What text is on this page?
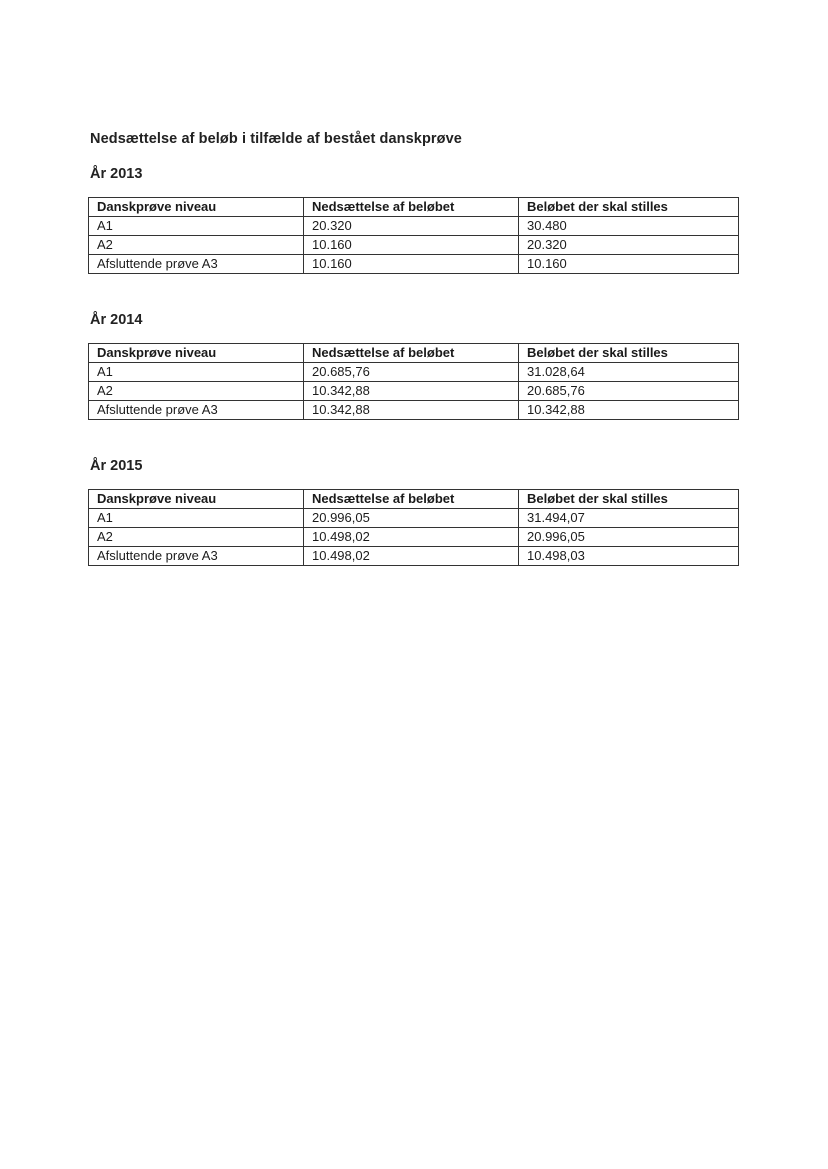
Nedsættelse af beløb i tilfælde af bestået danskprøve

År 2013

Danskprøve niveau	Nedsættelse af beløbet	Beløbet der skal stilles
A1	20.320	30.480
A2	10.160	20.320
Afsluttende prøve A3	10.160	10.160

År 2014

Danskprøve niveau	Nedsættelse af beløbet	Beløbet der skal stilles
A1	20.685,76	31.028,64
A2	10.342,88	20.685,76
Afsluttende prøve A3	10.342,88	10.342,88

År 2015

Danskprøve niveau	Nedsættelse af beløbet	Beløbet der skal stilles
A1	20.996,05	31.494,07
A2	10.498,02	20.996,05
Afsluttende prøve A3	10.498,02	10.498,03
